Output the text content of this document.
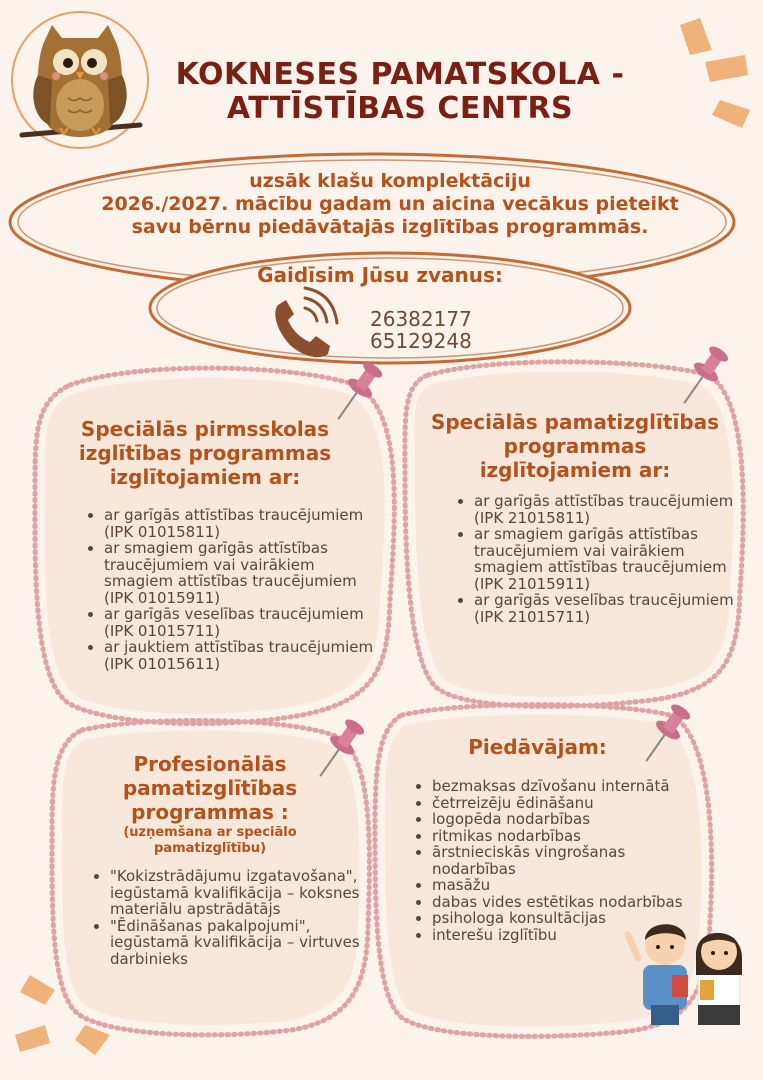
KOKNESES PAMATSKOLA -
ATTĪSTĪBAS CENTRS
uzsāk klašu komplektāciju
2026./2027. mācību gadam un aicina vecākus pieteikt
savu bērnu piedāvātajās izglītības programmās.
Gaidīsim Jūsu zvanus:
26382177
65129248
Speciālās pirmsskolas izglītības programmas izglītojamiem ar:
• ar garīgās attīstības traucējumiem (IPK 01015811)
• ar smagiem garīgās attīstības traucējumiem vai vairākiem smagiem attīstības traucējumiem (IPK 01015911)
• ar garīgās veselības traucējumiem (IPK 01015711)
• ar jauktiem attīstības traucējumiem (IPK 01015611)
Speciālās pamatizglītības programmas izglītojamiem ar:
• ar garīgās attīstības traucējumiem (IPK 21015811)
• ar smagiem garīgās attīstības traucējumiem vai vairākiem smagiem attīstības traucējumiem (IPK 21015911)
• ar garīgās veselības traucējumiem (IPK 21015711)
Profesionālās pamatizglītības programmas :
(uzņemšana ar speciālo pamatizglītību)
• "Kokizstrādājumu izgatavošana", iegūstamā kvalifikācija – koksnes materiālu apstrādātājs
• "Ēdināšanas pakalpojumi", iegūstamā kvalifikācija – virtuves darbinieks
Piedāvājam:
• bezmaksas dzīvošanu internātā
• četrreizēju ēdināšanu
• logopēda nodarbības
• ritmikas nodarbības
• ārstnieciskās vingrošanas nodarbības
• masāžu
• dabas vides estētikas nodarbības
• psihologa konsultācijas
• interešu izglītību
